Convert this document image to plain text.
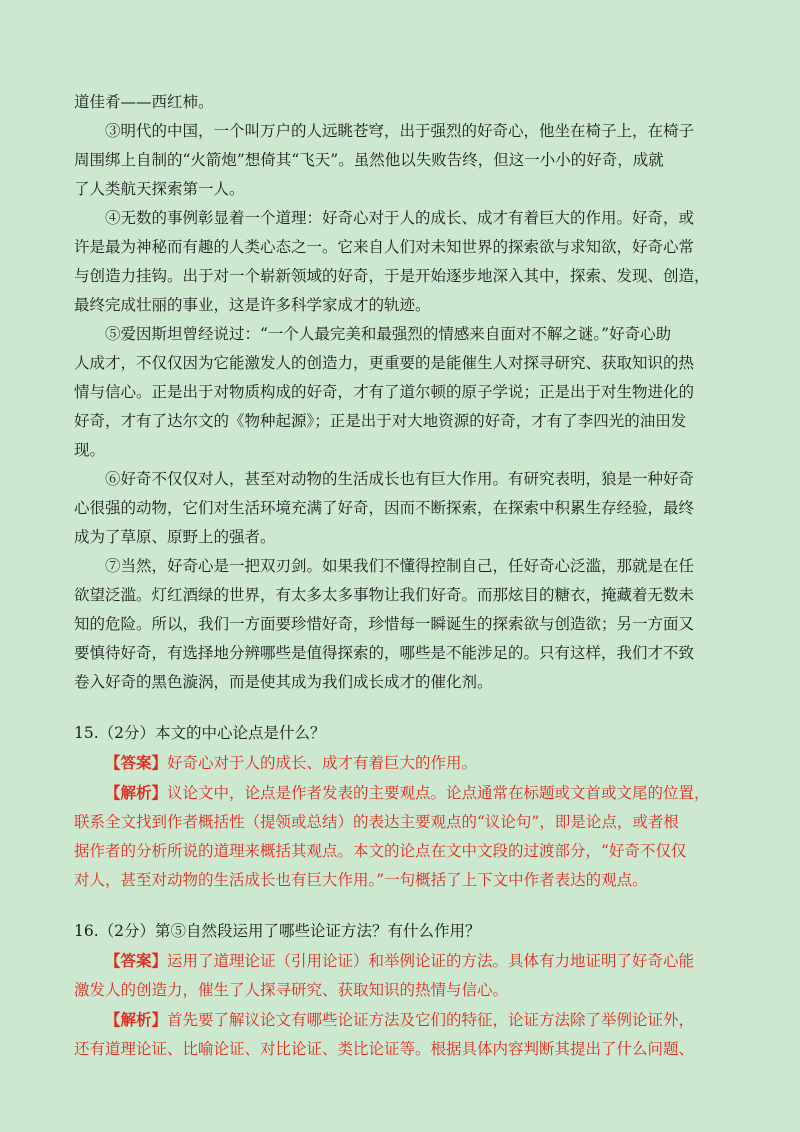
道佳肴——西红柿。
③明代的中国，一个叫万户的人远眺苍穹，出于强烈的好奇心，他坐在椅子上，在椅子
周围绑上自制的“火箭炮”想倚其“飞天”。虽然他以失败告终，但这一小小的好奇，成就
了人类航天探索第一人。
④无数的事例彰显着一个道理：好奇心对于人的成长、成才有着巨大的作用。好奇，或
许是最为神秘而有趣的人类心态之一。它来自人们对未知世界的探索欲与求知欲，好奇心常
与创造力挂钩。出于对一个崭新领域的好奇，于是开始逐步地深入其中，探索、发现、创造，
最终完成壮丽的事业，这是许多科学家成才的轨迹。
⑤爱因斯坦曾经说过：“一个人最完美和最强烈的情感来自面对不解之谜。”好奇心助
人成才，不仅仅因为它能激发人的创造力，更重要的是能催生人对探寻研究、获取知识的热
情与信心。正是出于对物质构成的好奇，才有了道尔顿的原子学说；正是出于对生物进化的
好奇，才有了达尔文的《物种起源》；正是出于对大地资源的好奇，才有了李四光的油田发
现。
⑥好奇不仅仅对人，甚至对动物的生活成长也有巨大作用。有研究表明，狼是一种好奇
心很强的动物，它们对生活环境充满了好奇，因而不断探索，在探索中积累生存经验，最终
成为了草原、原野上的强者。
⑦当然，好奇心是一把双刃剑。如果我们不懂得控制自己，任好奇心泛滥，那就是在任
欲望泛滥。灯红酒绿的世界，有太多太多事物让我们好奇。而那炫目的糖衣，掩藏着无数未
知的危险。所以，我们一方面要珍惜好奇，珍惜每一瞬诞生的探索欲与创造欲；另一方面又
要慎待好奇，有选择地分辨哪些是值得探索的，哪些是不能涉足的。只有这样，我们才不致
卷入好奇的黑色漩涡，而是使其成为我们成长成才的催化剂。
15.（2分）本文的中心论点是什么？
【答案】好奇心对于人的成长、成才有着巨大的作用。
【解析】议论文中，论点是作者发表的主要观点。论点通常在标题或文首或文尾的位置，
联系全文找到作者概括性（提领或总结）的表达主要观点的“议论句”，即是论点，或者根
据作者的分析所说的道理来概括其观点。本文的论点在文中文段的过渡部分，“好奇不仅仅
对人，甚至对动物的生活成长也有巨大作用。”一句概括了上下文中作者表达的观点。
16.（2分）第⑤自然段运用了哪些论证方法？有什么作用？
【答案】运用了道理论证（引用论证）和举例论证的方法。具体有力地证明了好奇心能
激发人的创造力，催生了人探寻研究、获取知识的热情与信心。
【解析】首先要了解议论文有哪些论证方法及它们的特征，论证方法除了举例论证外，
还有道理论证、比喻论证、对比论证、类比论证等。根据具体内容判断其提出了什么问题、
